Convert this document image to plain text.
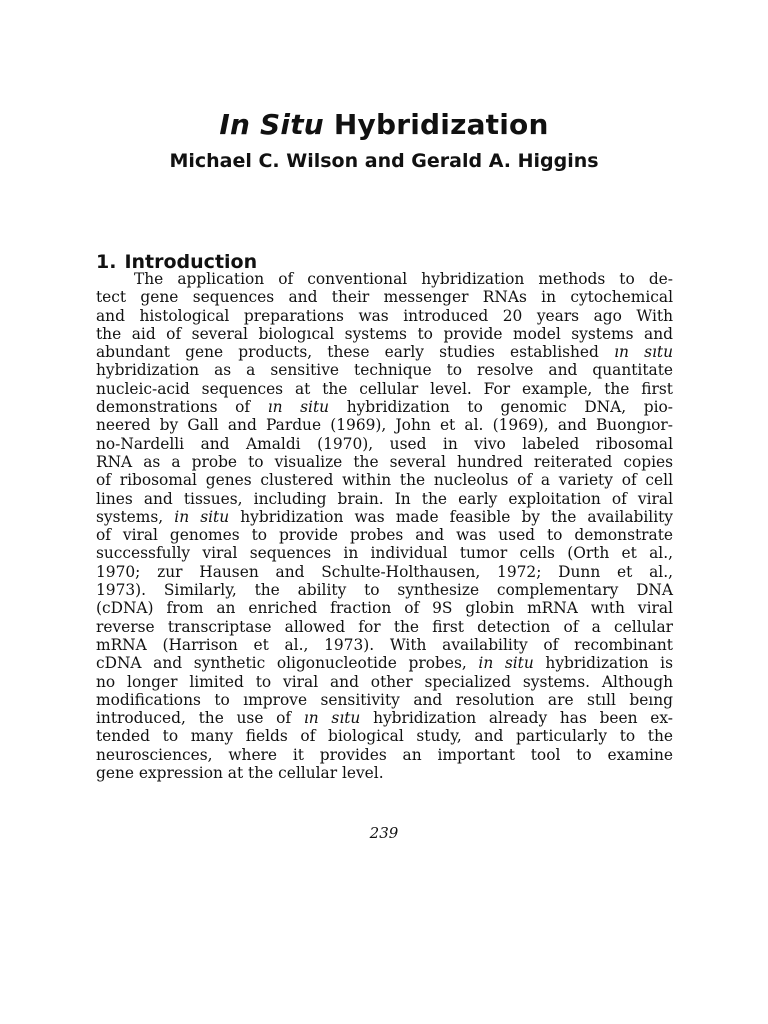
In Situ Hybridization
Michael C. Wilson and Gerald A. Higgins
1. Introduction
The application of conventional hybridization methods to de-
tect gene sequences and their messenger RNAs in cytochemical
and histological preparations was introduced 20 years ago With
the aid of several biologıcal systems to provide model systems and
abundant gene products, these early studies established ın sıtu
hybridization as a sensitive technique to resolve and quantitate
nucleic-acid sequences at the cellular level. For example, the first
demonstrations of ın situ hybridization to genomic DNA, pio-
neered by Gall and Pardue (1969), John et al. (1969), and Buongıor-
no-Nardelli and Amaldi (1970), used in vivo labeled ribosomal
RNA as a probe to visualize the several hundred reiterated copies
of ribosomal genes clustered within the nucleolus of a variety of cell
lines and tissues, including brain. In the early exploitation of viral
systems, in situ hybridization was made feasible by the availability
of viral genomes to provide probes and was used to demonstrate
successfully viral sequences in individual tumor cells (Orth et al.,
1970; zur Hausen and Schulte-Holthausen, 1972; Dunn et al.,
1973). Similarly, the ability to synthesize complementary DNA
(cDNA) from an enriched fraction of 9S globin mRNA wıth viral
reverse transcriptase allowed for the first detection of a cellular
mRNA (Harrison et al., 1973). With availability of recombinant
cDNA and synthetic oligonucleotide probes, in situ hybridization is
no longer limited to viral and other specialized systems. Although
modifications to ımprove sensitivity and resolution are stıll beıng
introduced, the use of ın sıtu hybridization already has been ex-
tended to many fields of biological study, and particularly to the
neurosciences, where it provides an important tool to examine
gene expression at the cellular level.
239
